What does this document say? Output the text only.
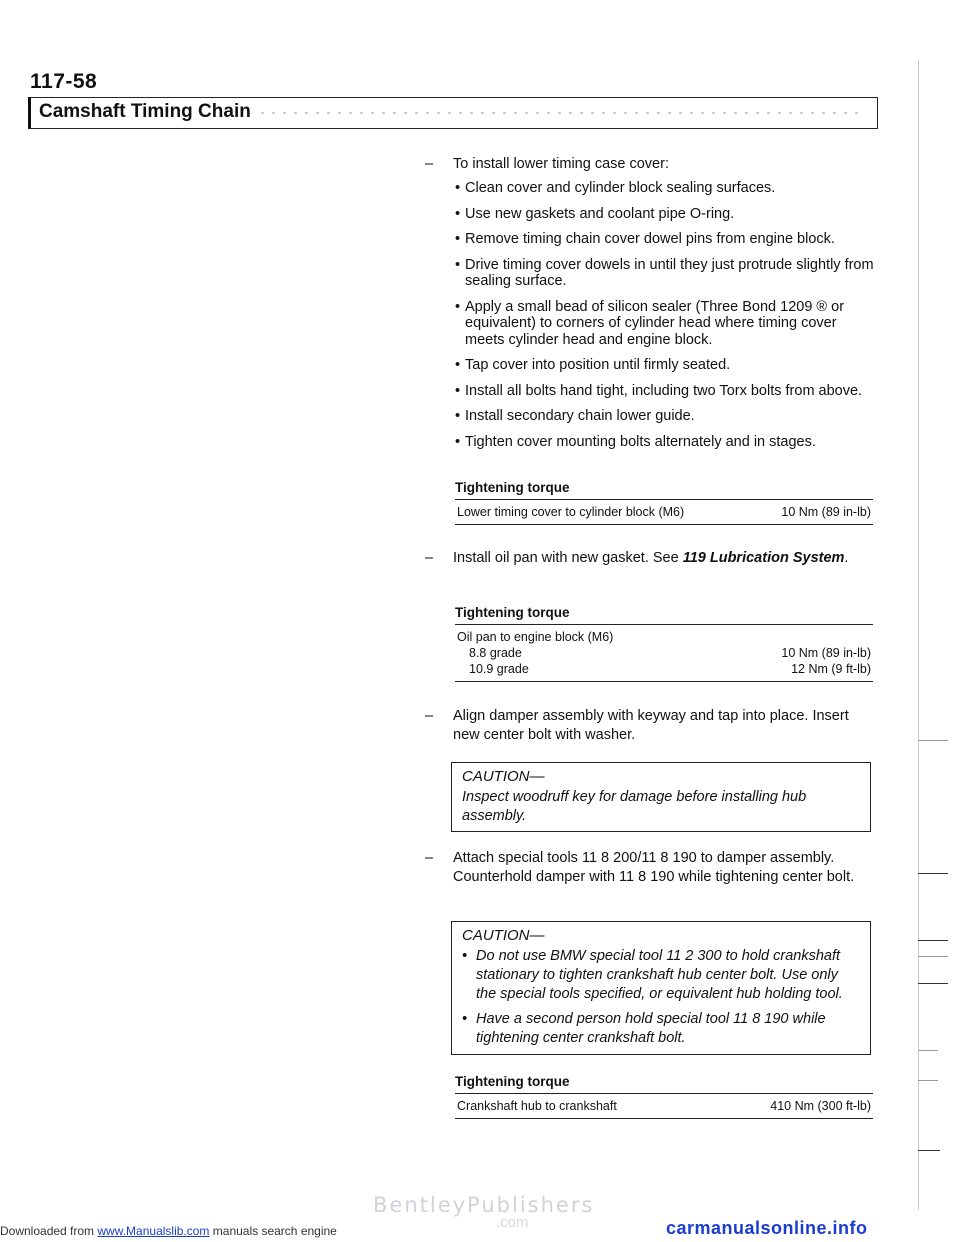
117-58
Camshaft Timing Chain
– To install lower timing case cover:
• Clean cover and cylinder block sealing surfaces.
• Use new gaskets and coolant pipe O-ring.
• Remove timing chain cover dowel pins from engine block.
• Drive timing cover dowels in until they just protrude slightly from sealing surface.
• Apply a small bead of silicon sealer (Three Bond 1209 ® or equivalent) to corners of cylinder head where timing cover meets cylinder head and engine block.
• Tap cover into position until firmly seated.
• Install all bolts hand tight, including two Torx bolts from above.
• Install secondary chain lower guide.
• Tighten cover mounting bolts alternately and in stages.
Tightening torque
Lower timing cover to cylinder block (M6)	10 Nm (89 in-lb)
– Install oil pan with new gasket. See 119 Lubrication System.
Tightening torque
Oil pan to engine block (M6)
8.8 grade	10 Nm (89 in-lb)
10.9 grade	12 Nm (9 ft-lb)
– Align damper assembly with keyway and tap into place. Insert new center bolt with washer.
CAUTION—
Inspect woodruff key for damage before installing hub assembly.
– Attach special tools 11 8 200/11 8 190 to damper assembly. Counterhold damper with 11 8 190 while tightening center bolt.
CAUTION—
• Do not use BMW special tool 11 2 300 to hold crankshaft stationary to tighten crankshaft hub center bolt. Use only the special tools specified, or equivalent hub holding tool.
• Have a second person hold special tool 11 8 190 while tightening center crankshaft bolt.
Tightening torque
Crankshaft hub to crankshaft	410 Nm (300 ft-lb)
BentleyPublishers
.com
Downloaded from www.Manualslib.com manuals search engine	carmanualsonline.info
